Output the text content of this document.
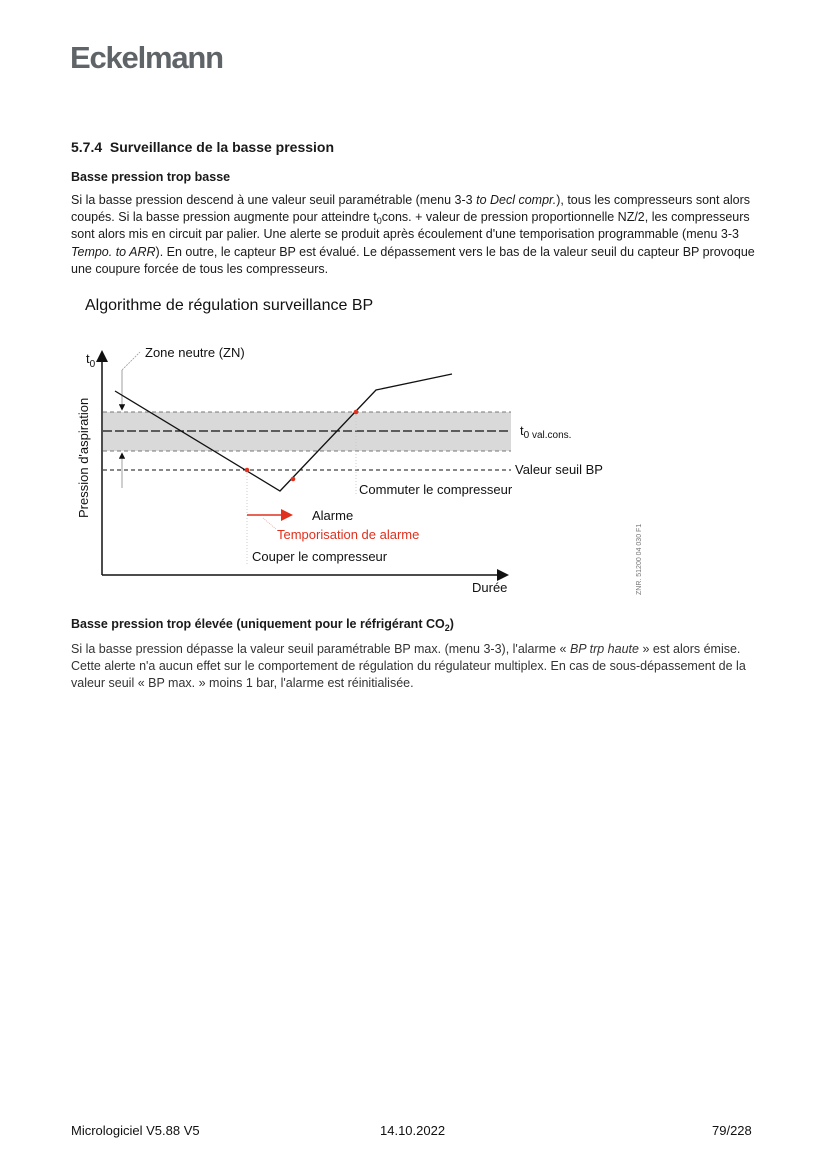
Eckelmann
5.7.4 Surveillance de la basse pression
Basse pression trop basse

Si la basse pression descend à une valeur seuil paramétrable (menu 3-3 to Decl compr.), tous les compresseurs sont alors coupés. Si la basse pression augmente pour atteindre $t_0cons$. + valeur de pression proportionnelle NZ/2, les compresseurs sont alors mis en circuit par palier. Une alerte se produit après écoulement d'une temporisation programmable (menu 3-3 Tempo. to ARR). En outre, le capteur BP est évalué. Le dépassement vers le bas de la valeur seuil du capteur BP provoque une coupure forcée de tous les compresseurs.

Algorithme de régulation surveillance BP
$t_0$
Zone neutre (ZN)
Pression d'aspiration	$t_{0 val.cons.}$
Valeur seuil BP
Commuter le compresseur
Alarme
Temporisation de alarme
Couper le compresseur
Durée	ZNR. 51200 04 030 F1
Basse pression trop élevée (uniquement pour le réfrigérant $CO_2$)

Si la basse pression dépasse la valeur seuil paramétrable BP max. (menu 3-3), l'alarme « BP trp haute » est alors émise. Cette alerte n'a aucun effet sur le comportement de régulation du régulateur multiplex. En cas de sous-dépassement de la valeur seuil « BP max. » moins 1 bar, l'alarme est réinitialisée.

Micrologiciel V5.88 V5	14.10.2022	79/228
